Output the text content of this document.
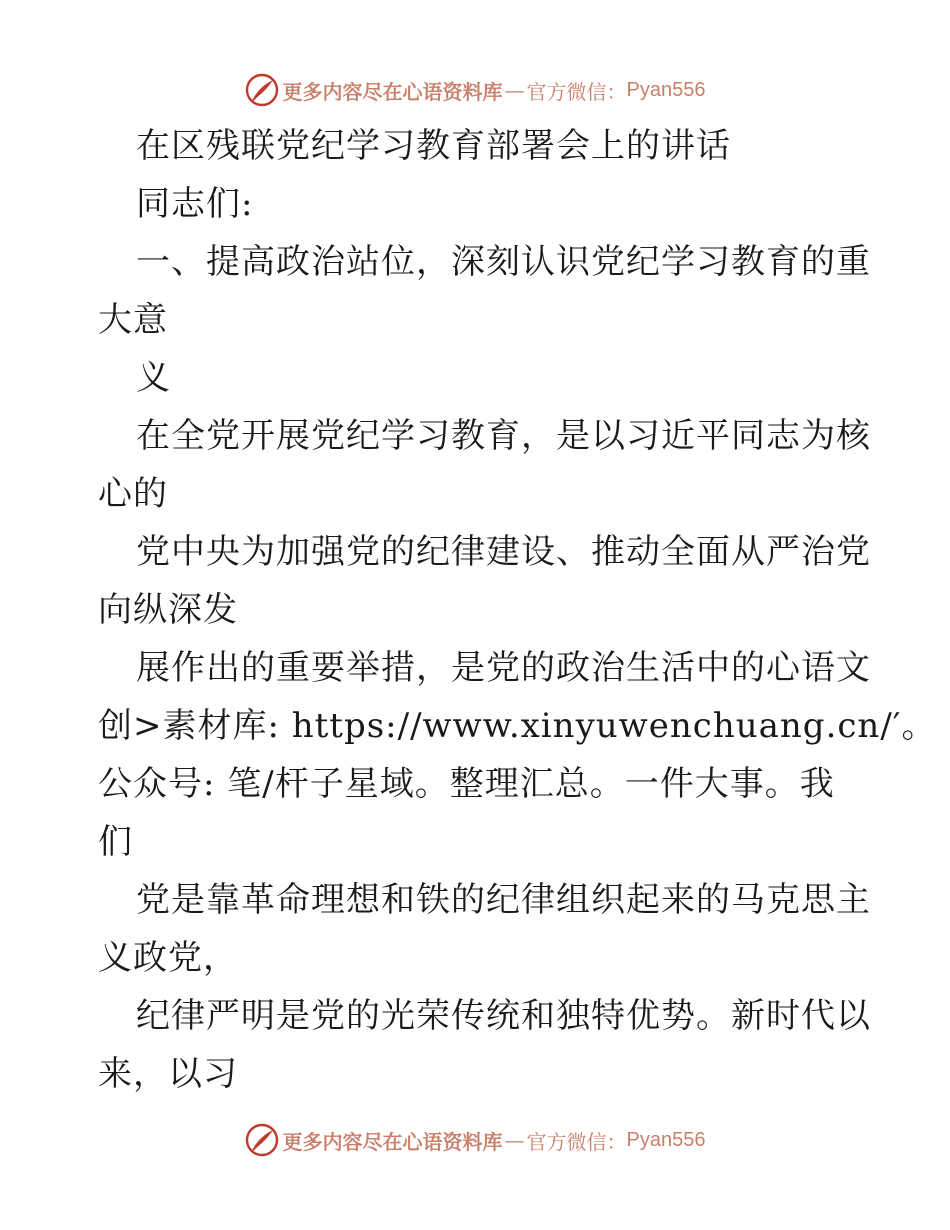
更多内容尽在心语资料库 — 官方微信： Pyan556
在区残联党纪学习教育部署会上的讲话
同志们:
一、提高政治站位，深刻认识党纪学习教育的重
大意
义
在全党开展党纪学习教育，是以习近平同志为核
心的
党中央为加强党的纪律建设、推动全面从严治党
向纵深发
展作出的重要举措，是党的政治生活中的心语文
创>素材库: https://www.xinyuwenchuang.cn/′。
公众号: 笔/杆子星域。整理汇总。一件大事。我
们
党是靠革命理想和铁的纪律组织起来的马克思主
义政党，
纪律严明是党的光荣传统和独特优势。新时代以
来，以习
更多内容尽在心语资料库 — 官方微信： Pyan556
